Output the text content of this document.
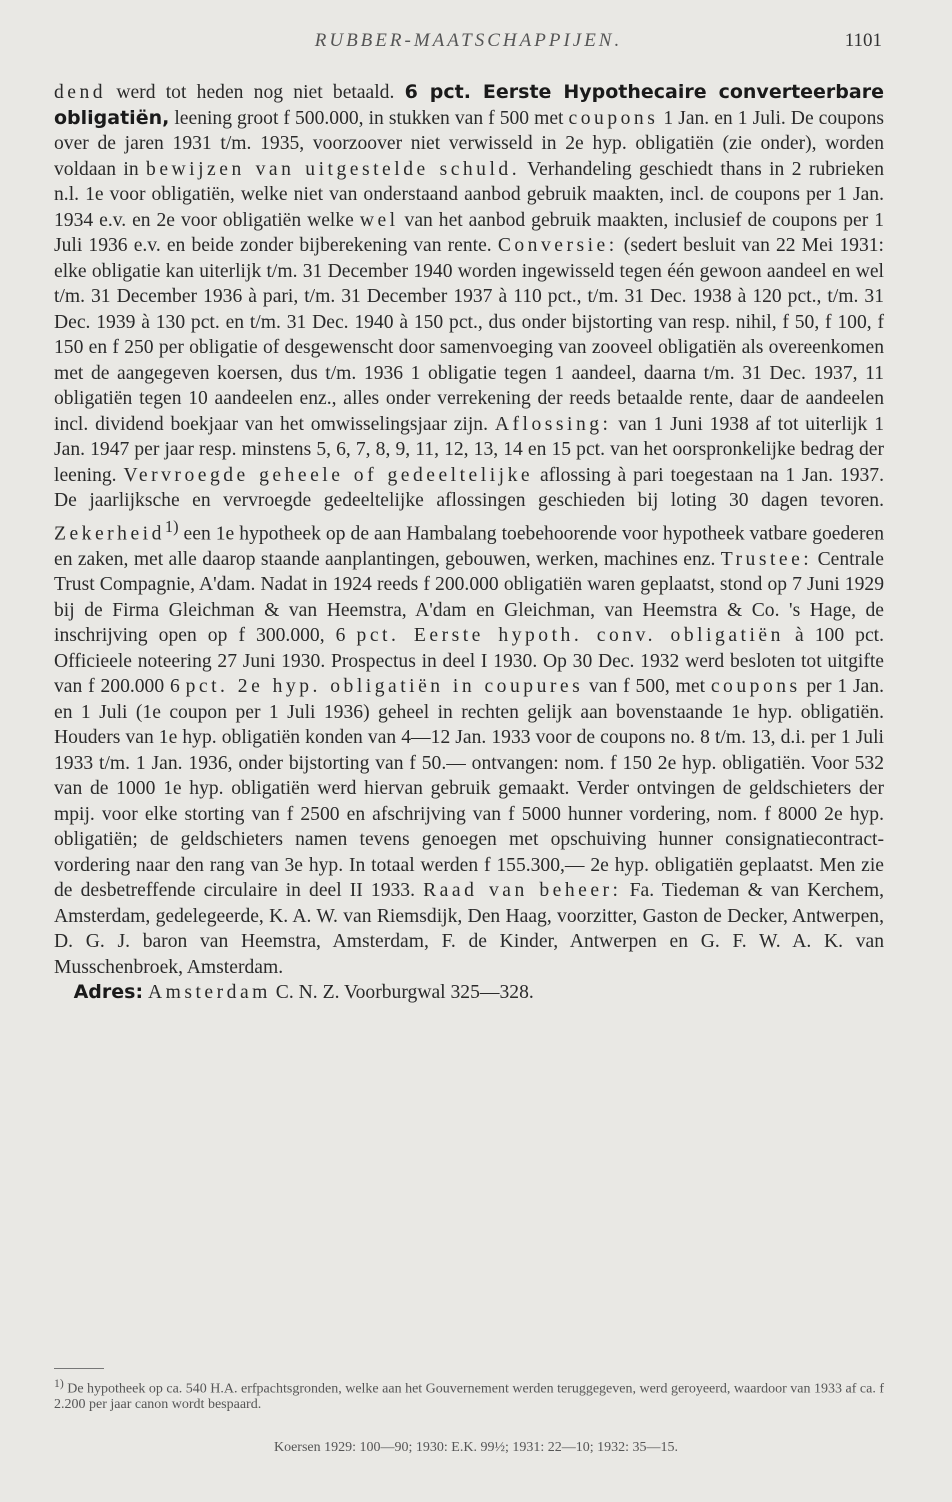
RUBBER-MAATSCHAPPIJEN.	1101

dend werd tot heden nog niet betaald. 6 pct. Eerste Hypothecaire converteerbare obligatiën, leening groot f 500.000, in stukken van f 500 met coupons 1 Jan. en 1 Juli. De coupons over de jaren 1931 t/m. 1935, voorzoover niet verwisseld in 2e hyp. obligatiën (zie onder), worden voldaan in bewijzen van uitgestelde schuld. Verhandeling geschiedt thans in 2 rubrieken n.l. 1e voor obligatiën, welke niet van onderstaand aanbod gebruik maakten, incl. de coupons per 1 Jan. 1934 e.v. en 2e voor obligatiën welke wel van het aanbod gebruik maakten, inclusief de coupons per 1 Juli 1936 e.v. en beide zonder bijberekening van rente. Conversie: (sedert besluit van 22 Mei 1931: elke obligatie kan uiterlijk t/m. 31 December 1940 worden ingewisseld tegen één gewoon aandeel en wel t/m. 31 December 1936 à pari, t/m. 31 December 1937 à 110 pct., t/m. 31 Dec. 1938 à 120 pct., t/m. 31 Dec. 1939 à 130 pct. en t/m. 31 Dec. 1940 à 150 pct., dus onder bijstorting van resp. nihil, f 50, f 100, f 150 en f 250 per obligatie of desgewenscht door samenvoeging van zooveel obligatiën als overeenkomen met de aangegeven koersen, dus t/m. 1936 1 obligatie tegen 1 aandeel, daarna t/m. 31 Dec. 1937, 11 obligatiën tegen 10 aandeelen enz., alles onder verrekening der reeds betaalde rente, daar de aandeelen incl. dividend boekjaar van het omwisselingsjaar zijn. Aflossing: van 1 Juni 1938 af tot uiterlijk 1 Jan. 1947 per jaar resp. minstens 5, 6, 7, 8, 9, 11, 12, 13, 14 en 15 pct. van het oorspronkelijke bedrag der leening. Vervroegde geheele of gedeeltelijke aflossing à pari toegestaan na 1 Jan. 1937. De jaarlijksche en vervroegde gedeeltelijke aflossingen geschieden bij loting 30 dagen tevoren. Zekerheid$^{1)}$ een 1e hypotheek op de aan Hambalang toebehoorende voor hypotheek vatbare goederen en zaken, met alle daarop staande aanplantingen, gebouwen, werken, machines enz. Trustee: Centrale Trust Compagnie, A'dam. Nadat in 1924 reeds f 200.000 obligatiën waren geplaatst, stond op 7 Juni 1929 bij de Firma Gleichman & van Heemstra, A'dam en Gleichman, van Heemstra & Co. 's Hage, de inschrijving open op f 300.000, 6 pct. Eerste hypoth. conv. obligatiën à 100 pct. Officieele noteering 27 Juni 1930. Prospectus in deel I 1930. Op 30 Dec. 1932 werd besloten tot uitgifte van f 200.000 6 pct. 2e hyp. obligatiën in coupures van f 500, met coupons per 1 Jan. en 1 Juli (1e coupon per 1 Juli 1936) geheel in rechten gelijk aan bovenstaande 1e hyp. obligatiën. Houders van 1e hyp. obligatiën konden van 4—12 Jan. 1933 voor de coupons no. 8 t/m. 13, d.i. per 1 Juli 1933 t/m. 1 Jan. 1936, onder bijstorting van f 50.— ontvangen: nom. f 150 2e hyp. obligatiën. Voor 532 van de 1000 1e hyp. obligatiën werd hiervan gebruik gemaakt. Verder ontvingen de geldschieters der mpij. voor elke storting van f 2500 en afschrijving van f 5000 hunner vordering, nom. f 8000 2e hyp. obligatiën; de geldschieters namen tevens genoegen met opschuiving hunner consignatiecontract-vordering naar den rang van 3e hyp. In totaal werden f 155.300,— 2e hyp. obligatiën geplaatst. Men zie de desbetreffende circulaire in deel II 1933. Raad van beheer: Fa. Tiedeman & van Kerchem, Amsterdam, gedelegeerde, K. A. W. van Riemsdijk, Den Haag, voorzitter, Gaston de Decker, Antwerpen, D. G. J. baron van Heemstra, Amsterdam, F. de Kinder, Antwerpen en G. F. W. A. K. van Musschenbroek, Amsterdam.

Adres: Amsterdam C. N. Z. Voorburgwal 325—328.

$^{1)}$ De hypotheek op ca. 540 H.A. erfpachtsgronden, welke aan het Gouvernement werden teruggegeven, werd geroyeerd, waardoor van 1933 af ca. f 2.200 per jaar canon wordt bespaard.

Koersen 1929: 100—90; 1930: E.K. 99½; 1931: 22—10; 1932: 35—15.
